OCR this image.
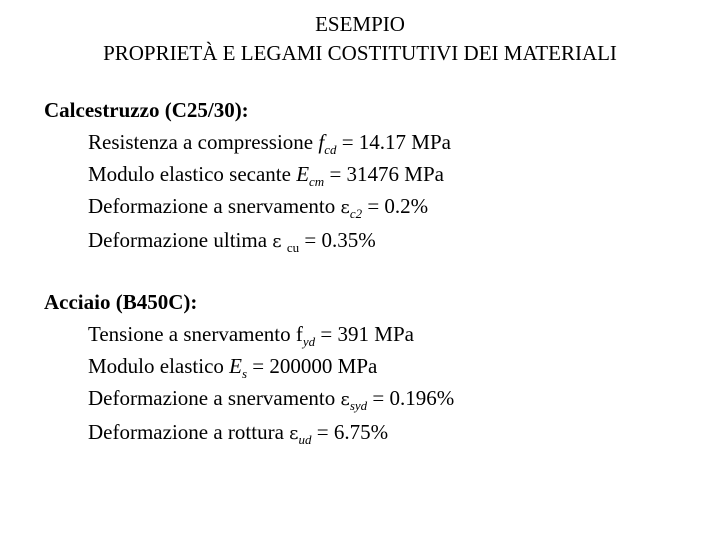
ESEMPIO
PROPRIETÀ E LEGAMI COSTITUTIVI DEI MATERIALI
Calcestruzzo (C25/30):
Resistenza a compressione $f_{cd} = 14.17$ MPa
Modulo elastico secante $E_{cm} = 31476$ MPa
Deformazione a snervamento $\varepsilon_{c2} = 0.2\%$
Deformazione ultima ε $_{cu}$ = 0.35%
Acciaio (B450C):
Tensione a snervamento $f_{yd} = 391$ MPa
Modulo elastico $E_s = 200000$ MPa
Deformazione a snervamento $\varepsilon_{syd} = 0.196\%$
Deformazione a rottura $\varepsilon_{ud} = 6.75\%$
